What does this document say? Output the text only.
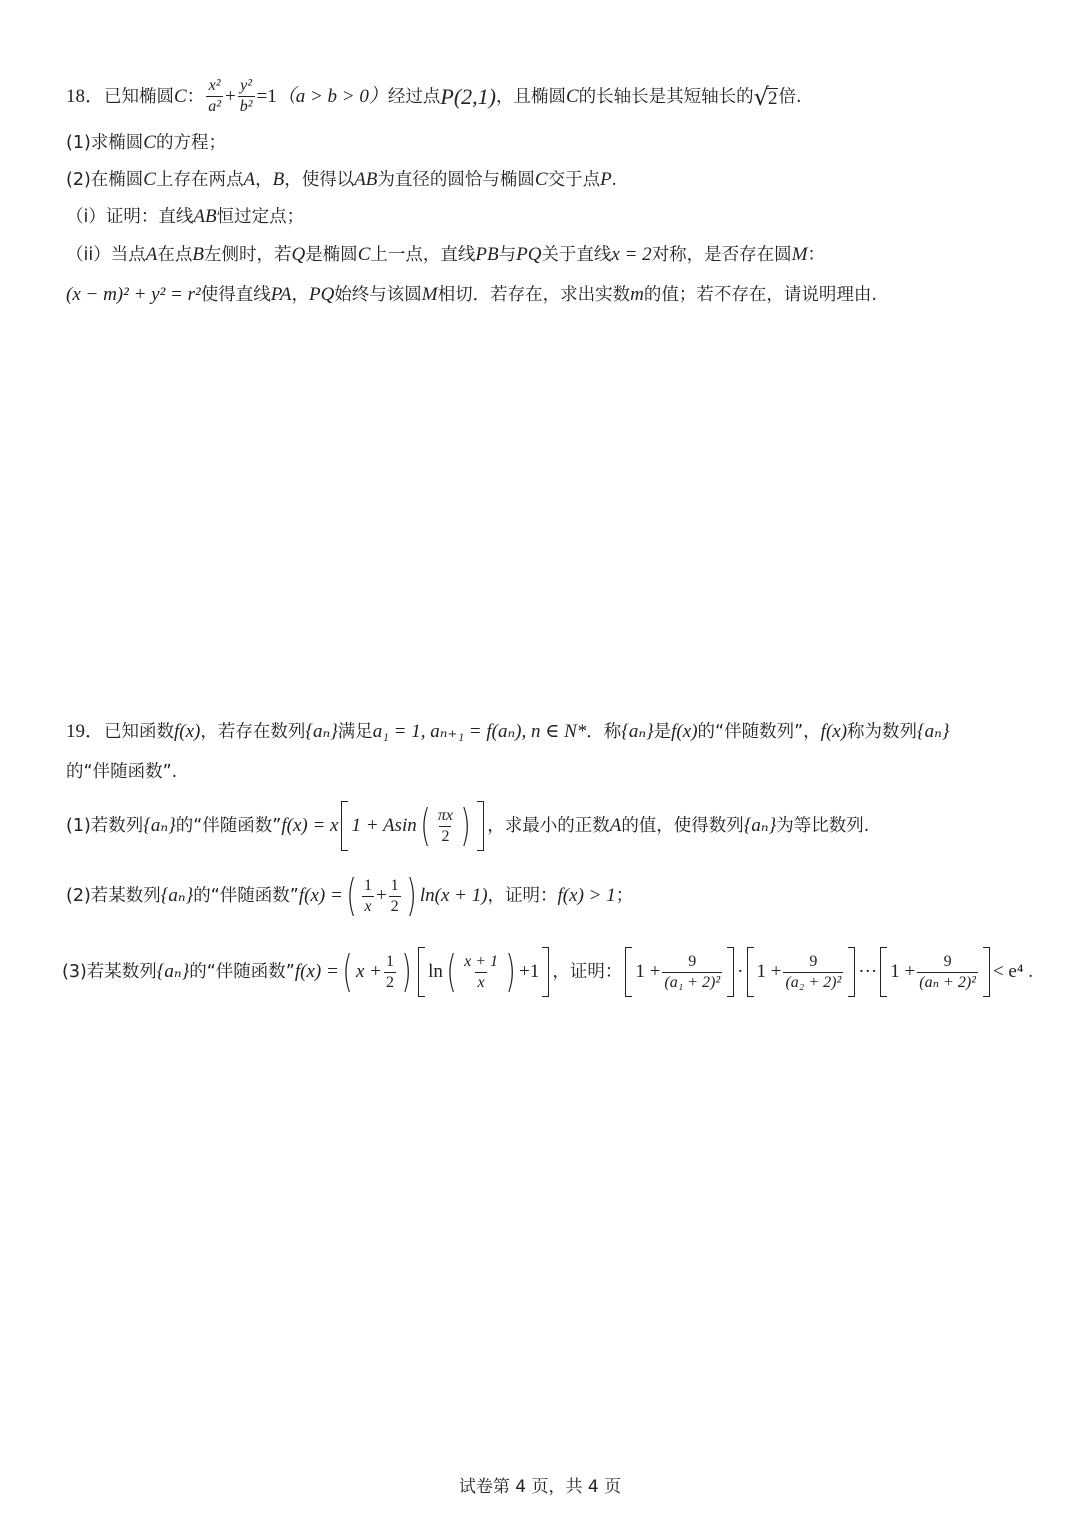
18． 已知椭圆 C ： $\frac{\text{x²}}{\text{a²}} + \frac{\text{y²}}{\text{b²}} =1$ （a > b > 0） 经过点 P(2,1) ，且椭圆 C 的长轴长是其短轴长的 √ 2 倍.
(1)求椭圆 C 的方程；
(2)在椭圆 C 上存在两点 A ， B ，使得以 AB 为直径的圆恰与椭圆 C 交于点 P .
（i）证明：直线 AB 恒过定点；
（ii）当点 A 在点 B 左侧时，若 Q 是椭圆 C 上一点，直线 PB 与 PQ 关于直线 x = 2 对称，是否存在圆 M ：
(x − m)² + y² = r² 使得直线 PA ， PQ 始终与该圆 M 相切．若存在，求出实数 m 的值；若不存在，请说明理由.
19． 已知函数 f(x) ，若存在数列 {aₙ} 满足 a₁ = 1, aₙ₊₁ = f(aₙ), n ∈ N* ．称 {aₙ} 是 f(x) 的“伴随数列”， f(x) 称为数列 {aₙ}
的“伴随函数”.
(1)若数列 {aₙ} 的“伴随函数” f(x) = x 1 + Asin ( $\frac{\pi x}{2}$ ) ，求最小的正数 A 的值，使得数列 {aₙ} 为等比数列.
(2)若某数列 {aₙ} 的“伴随函数” f(x) = ( $\frac{1}{x} + \frac{1}{2}$ ) ln(x + 1) ，证明： f(x) > 1 ；
(3)若某数列 {aₙ} 的“伴随函数” f(x) = ( $x + \frac{1}{2}$ ) ln ( $\frac{x + 1}{x}$ ) +1 ，证明： $1 + \frac{9}{\text{(a₁ + 2)²}} \cdot 1 + \frac{9}{\text{(a₂ + 2)²}}$ ··· $1 + \frac{9}{\text{(aₙ + 2)²}} < e^4$ .
试卷第 4 页，共 4 页
